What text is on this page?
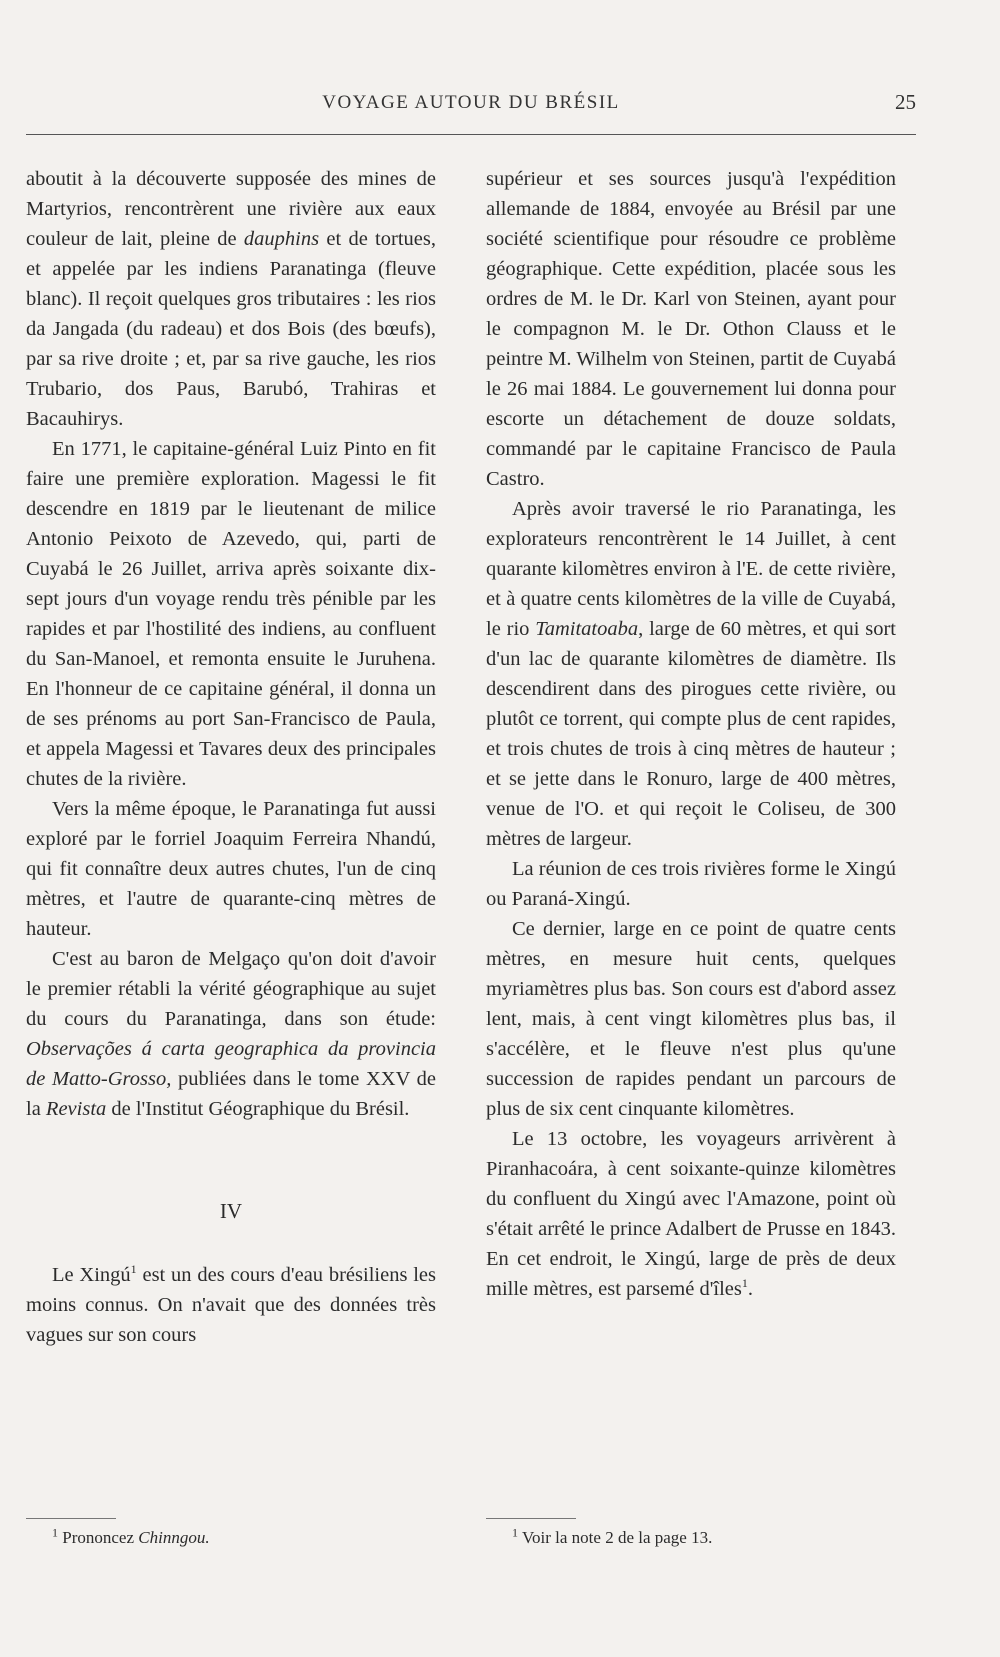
VOYAGE AUTOUR DU BRÉSIL	25

aboutit à la découverte supposée des mines de Martyrios, rencontrèrent une rivière aux eaux couleur de lait, pleine de dauphins et de tortues, et appelée par les indiens Paranatinga (fleuve blanc). Il reçoit quelques gros tributaires : les rios da Jangada (du radeau) et dos Bois (des bœufs), par sa rive droite ; et, par sa rive gauche, les rios Trubario, dos Paus, Barubó, Trahiras et Bacauhirys.

En 1771, le capitaine-général Luiz Pinto en fit faire une première exploration. Magessi le fit descendre en 1819 par le lieutenant de milice Antonio Peixoto de Azevedo, qui, parti de Cuyabá le 26 Juillet, arriva après soixante dix-sept jours d'un voyage rendu très pénible par les rapides et par l'hostilité des indiens, au confluent du San-Manoel, et remonta ensuite le Juruhena. En l'honneur de ce capitaine général, il donna un de ses prénoms au port San-Francisco de Paula, et appela Magessi et Tavares deux des principales chutes de la rivière.

Vers la même époque, le Paranatinga fut aussi exploré par le forriel Joaquim Ferreira Nhandú, qui fit connaître deux autres chutes, l'un de cinq mètres, et l'autre de quarante-cinq mètres de hauteur.

C'est au baron de Melgaço qu'on doit d'avoir le premier rétabli la vérité géographique au sujet du cours du Paranatinga, dans son étude: Observações á carta geographica da provincia de Matto-Grosso, publiées dans le tome XXV de la Revista de l'Institut Géographique du Brésil.

IV

Le Xingú$^1$ est un des cours d'eau brésiliens les moins connus. On n'avait que des données très vagues sur son cours

supérieur et ses sources jusqu'à l'expédition allemande de 1884, envoyée au Brésil par une société scientifique pour résoudre ce problème géographique. Cette expédition, placée sous les ordres de M. le Dr. Karl von Steinen, ayant pour le compagnon M. le Dr. Othon Clauss et le peintre M. Wilhelm von Steinen, partit de Cuyabá le 26 mai 1884. Le gouvernement lui donna pour escorte un détachement de douze soldats, commandé par le capitaine Francisco de Paula Castro.

Après avoir traversé le rio Paranatinga, les explorateurs rencontrèrent le 14 Juillet, à cent quarante kilomètres environ à l'E. de cette rivière, et à quatre cents kilomètres de la ville de Cuyabá, le rio Tamitatoaba, large de 60 mètres, et qui sort d'un lac de quarante kilomètres de diamètre. Ils descendirent dans des pirogues cette rivière, ou plutôt ce torrent, qui compte plus de cent rapides, et trois chutes de trois à cinq mètres de hauteur ; et se jette dans le Ronuro, large de 400 mètres, venue de l'O. et qui reçoit le Coliseu, de 300 mètres de largeur.

La réunion de ces trois rivières forme le Xingú ou Paraná-Xingú.

Ce dernier, large en ce point de quatre cents mètres, en mesure huit cents, quelques myriamètres plus bas. Son cours est d'abord assez lent, mais, à cent vingt kilomètres plus bas, il s'accélère, et le fleuve n'est plus qu'une succession de rapides pendant un parcours de plus de six cent cinquante kilomètres.

Le 13 octobre, les voyageurs arrivèrent à Piranhacoára, à cent soixante-quinze kilomètres du confluent du Xingú avec l'Amazone, point où s'était arrêté le prince Adalbert de Prusse en 1843. En cet endroit, le Xingú, large de près de deux mille mètres, est parsemé d'îles$^1$.

$^1$ Prononcez Chinngou.	$^1$ Voir la note 2 de la page 13.
